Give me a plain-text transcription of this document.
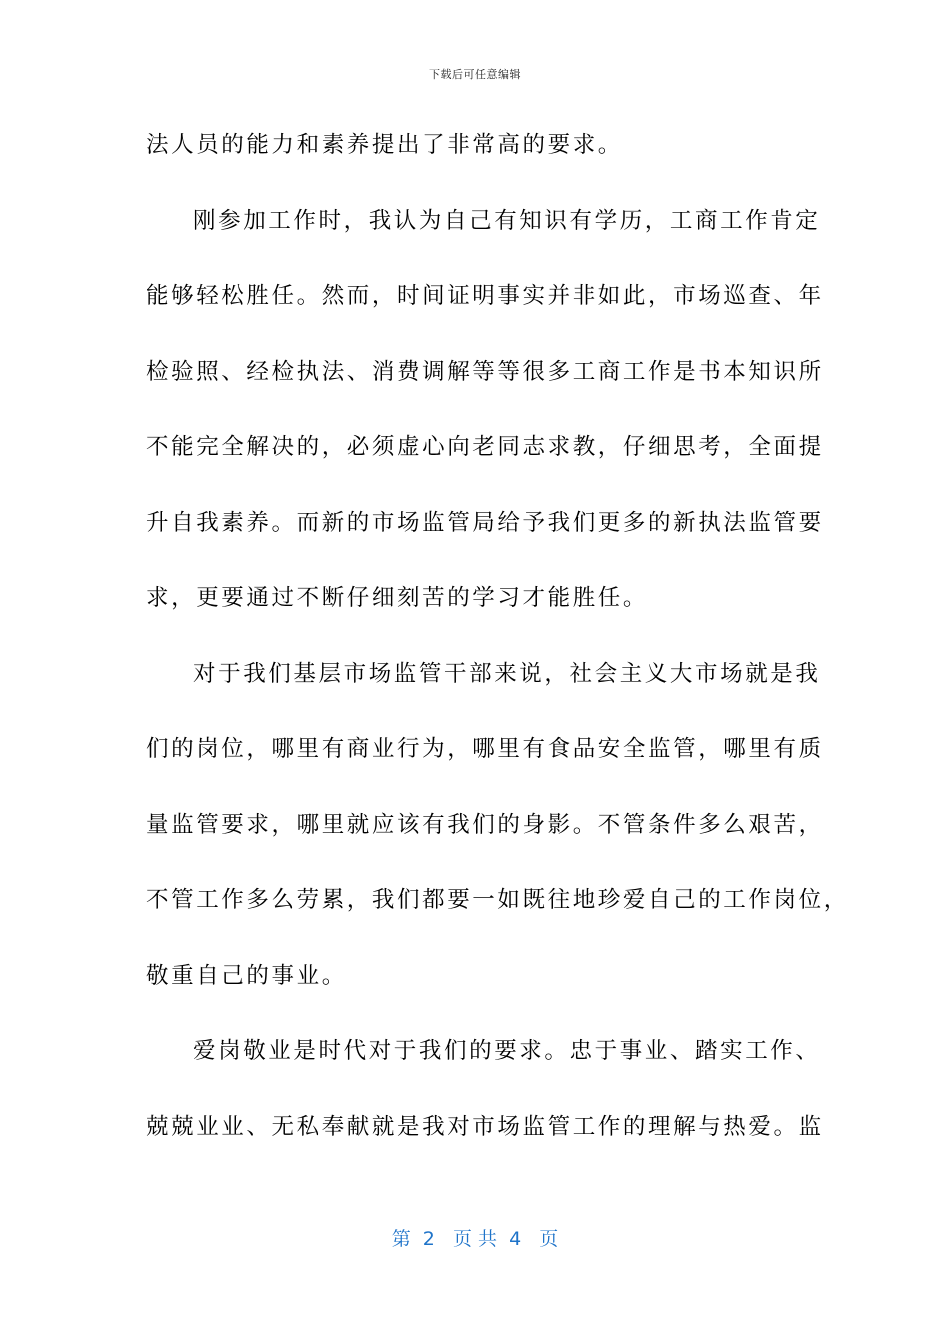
下载后可任意编辑
法人员的能力和素养提出了非常高的要求。
刚参加工作时，我认为自己有知识有学历，工商工作肯定
能够轻松胜任。然而，时间证明事实并非如此，市场巡查、年
检验照、经检执法、消费调解等等很多工商工作是书本知识所
不能完全解决的，必须虚心向老同志求教，仔细思考，全面提
升自我素养。而新的市场监管局给予我们更多的新执法监管要
求，更要通过不断仔细刻苦的学习才能胜任。
对于我们基层市场监管干部来说，社会主义大市场就是我
们的岗位，哪里有商业行为，哪里有食品安全监管，哪里有质
量监管要求，哪里就应该有我们的身影。不管条件多么艰苦，
不管工作多么劳累，我们都要一如既往地珍爱自己的工作岗位，
敬重自己的事业。
爱岗敬业是时代对于我们的要求。忠于事业、踏实工作、
兢兢业业、无私奉献就是我对市场监管工作的理解与热爱。监
第  2   页 共  4   页
